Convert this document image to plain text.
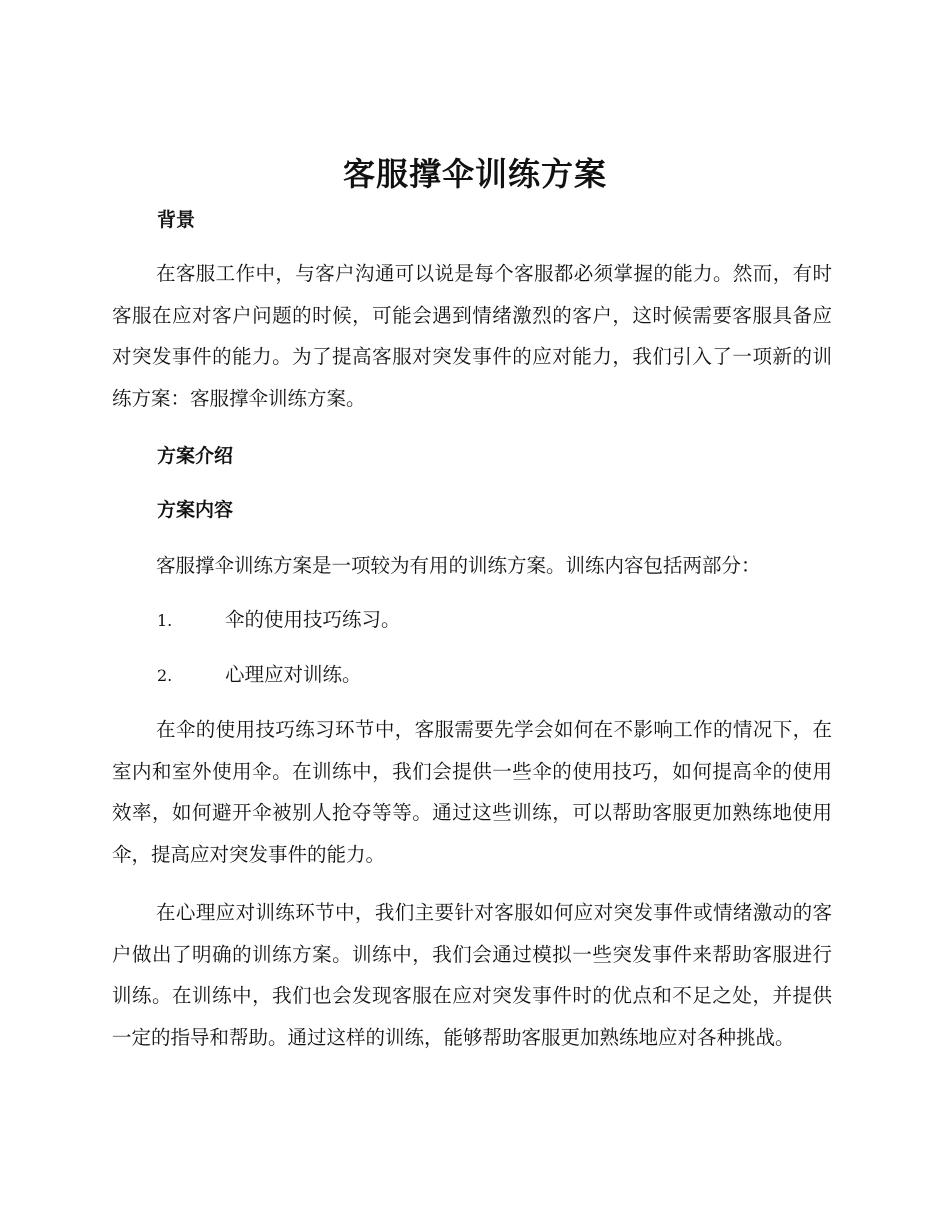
客服撑伞训练方案
背景

在客服工作中，与客户沟通可以说是每个客服都必须掌握的能力。然而，有时客服在应对客户问题的时候，可能会遇到情绪激烈的客户，这时候需要客服具备应对突发事件的能力。为了提高客服对突发事件的应对能力，我们引入了一项新的训练方案：客服撑伞训练方案。

方案介绍
方案内容

客服撑伞训练方案是一项较为有用的训练方案。训练内容包括两部分：

1.	伞的使用技巧练习。
2.	心理应对训练。

在伞的使用技巧练习环节中，客服需要先学会如何在不影响工作的情况下，在室内和室外使用伞。在训练中，我们会提供一些伞的使用技巧，如何提高伞的使用效率，如何避开伞被别人抢夺等等。通过这些训练，可以帮助客服更加熟练地使用伞，提高应对突发事件的能力。

在心理应对训练环节中，我们主要针对客服如何应对突发事件或情绪激动的客户做出了明确的训练方案。训练中，我们会通过模拟一些突发事件来帮助客服进行训练。在训练中，我们也会发现客服在应对突发事件时的优点和不足之处，并提供一定的指导和帮助。通过这样的训练，能够帮助客服更加熟练地应对各种挑战。
